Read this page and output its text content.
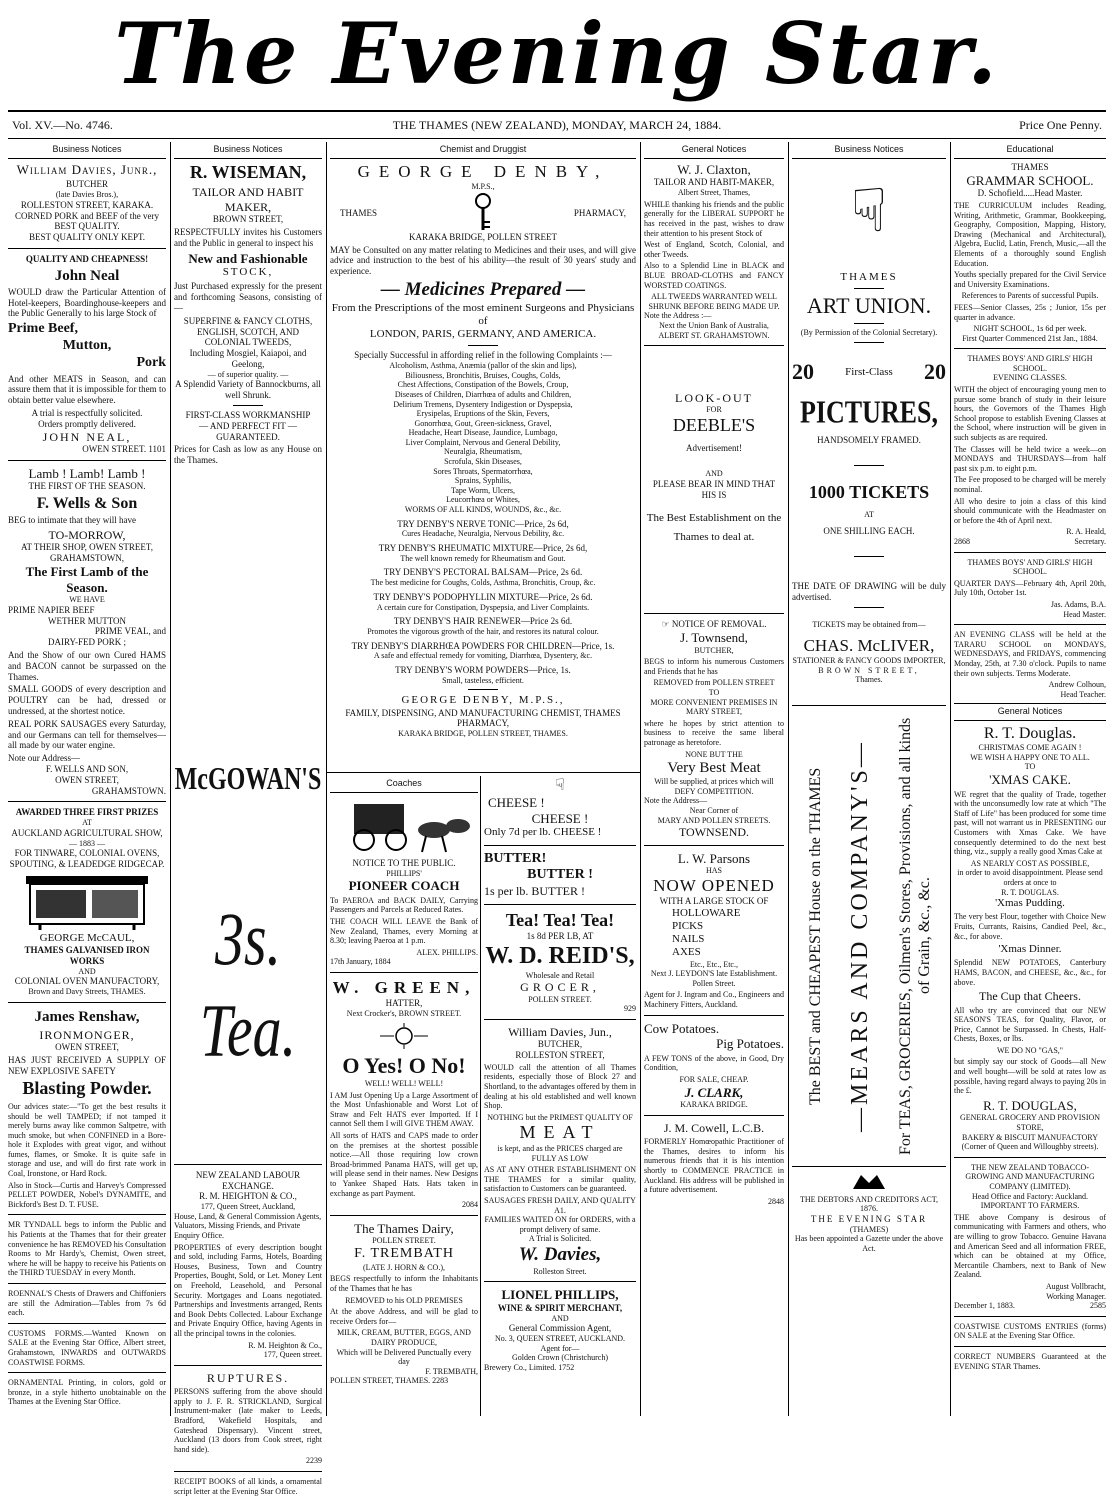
The Evening Star.
Vol. XV.—No. 4746.	THE THAMES (NEW ZEALAND), MONDAY, MARCH 24, 1884.	Price One Penny.
Business Notices
William Davies, Junr.,
BUTCHER
(late Davies Bros.),
ROLLESTON STREET, KARAKA.
CORNED PORK and BEEF of the very BEST QUALITY.
BEST QUALITY ONLY KEPT.
QUALITY AND CHEAPNESS!
John Neal

WOULD draw the Particular Attention of Hotel-keepers, Boardinghouse-keepers and the Public Generally to his large Stock of

Prime Beef,
Mutton,
Pork

And other MEATS in Season, and can assure them that it is impossible for them to obtain better value elsewhere.

A trial is respectfully solicited.
Orders promptly delivered.
JOHN NEAL,
OWEN STREET. 1101
Lamb ! Lamb! Lamb !
THE FIRST OF THE SEASON.
F. Wells & Son

BEG to intimate that they will have

TO-MORROW,
AT THEIR SHOP, OWEN STREET, GRAHAMSTOWN,
The First Lamb of the Season.
WE HAVE
PRIME NAPIER BEEF
WETHER MUTTON
PRIME VEAL, and
DAIRY-FED PORK ;

And the Show of our own Cured HAMS and BACON cannot be surpassed on the Thames.

SMALL GOODS of every description and POULTRY can be had, dressed or undressed, at the shortest notice.

REAL PORK SAUSAGES every Saturday, and our Germans can tell for themselves—all made by our water engine.

Note our Address—
F. WELLS AND SON,
OWEN STREET,
GRAHAMSTOWN.
AWARDED THREE FIRST PRIZES
AT
AUCKLAND AGRICULTURAL SHOW,
— 1883 —
FOR TINWARE, COLONIAL OVENS, SPOUTING, & LEADEDGE RIDGECAP.
GEORGE McCAUL,
THAMES GALVANISED IRON WORKS
AND
COLONIAL OVEN MANUFACTORY,
Brown and Davy Streets, THAMES.
James Renshaw,
IRONMONGER,
OWEN STREET,

HAS JUST RECEIVED A SUPPLY OF NEW EXPLOSIVE SAFETY

Blasting Powder.

Our advices state:—"To get the best results it should be well TAMPED; if not tamped it merely burns away like common Saltpetre, with much smoke, but when CONFINED in a Bore-hole it Explodes with great vigor, and without fumes, flames, or Smoke. It is quite safe in storage and use, and will do first rate work in Coal, Ironstone, or Hard Rock.

Also in Stock—Curtis and Harvey's Compressed PELLET POWDER, Nobel's DYNAMITE, and Bickford's Best D. T. FUSE.

MR TYNDALL begs to inform the Public and his Patients at the Thames that for their greater convenience he has REMOVED his Consultation Rooms to Mr Hardy's, Chemist, Owen street, where he will be happy to receive his Patients on the THIRD TUESDAY in every Month.

ROENNAL'S Chests of Drawers and Chiffoniers are still the Admiration—Tables from 7s 6d each.

CUSTOMS FORMS.—Wanted Known on SALE at the Evening Star Office, Albert street, Grahamstown, INWARDS and OUTWARDS COASTWISE FORMS.

ORNAMENTAL Printing, in colors, gold or bronze, in a style hitherto unobtainable on the Thames at the Evening Star Office.

Business Notices
R. WISEMAN,
TAILOR AND HABIT MAKER,
BROWN STREET,

RESPECTFULLY invites his Customers and the Public in general to inspect his

New and Fashionable
STOCK,

Just Purchased expressly for the present and forthcoming Seasons, consisting of—

SUPERFINE & FANCY CLOTHS,
ENGLISH, SCOTCH, AND
COLONIAL TWEEDS,
Including Mosgiel, Kaiapoi, and Geelong,
— of superior quality. —
A Splendid Variety of Bannockburns, all well Shrunk.
FIRST-CLASS WORKMANSHIP
— AND PERFECT FIT —
GUARANTEED.

Prices for Cash as low as any House on the Thames.

McGOWAN'S
3s. Tea.
NEW ZEALAND LABOUR EXCHANGE.
R. M. HEIGHTON & CO.,
177, Queen Street, Auckland,
House, Land, & General Commission Agents, Valuators, Missing Friends, and Private Enquiry Office.

PROPERTIES of every description bought and sold, including Farms, Hotels, Boarding Houses, Business, Town and Country Properties, Bought, Sold, or Let. Money Lent on Freehold, Leasehold, and Personal Security. Mortgages and Loans negotiated. Partnerships and Investments arranged, Rents and Book Debts Collected. Labour Exchange and Private Enquiry Office, having Agents in all the principal towns in the colonies.

R. M. Heighton & Co.,
177, Queen street.
RUPTURES.

PERSONS suffering from the above should apply to J. F. R. STRICKLAND, Surgical Instrument-maker (late maker to Leeds, Bradford, Wakefield Hospitals, and Gateshead Dispensary). Vincent street, Auckland (13 doors from Cook street, right hand side).

2239

RECEIPT BOOKS of all kinds, a ornamental script letter at the Evening Star Office.

Chemist and Druggist
GEORGE DENBY,
M.P.S.,
THAMES	PHARMACY,
KARAKA BRIDGE, POLLEN STREET

MAY be Consulted on any matter relating to Medicines and their uses, and will give advice and instruction to the best of his ability—the result of 30 years' study and experience.

— Medicines Prepared —
From the Prescriptions of the most eminent Surgeons and Physicians of
LONDON, PARIS, GERMANY, AND AMERICA.
Specially Successful in affording relief in the following Complaints :—
Alcoholism, Asthma, Anæmia (pallor of the skin and lips),
Biliousness, Bronchitis, Bruises, Coughs, Colds,
Chest Affections, Constipation of the Bowels, Croup,
Diseases of Children, Diarrhœa of adults and Children,
Delirium Tremens, Dysentery Indigestion or Dyspepsia,
Erysipelas, Eruptions of the Skin, Fevers,
Gonorrhœa, Gout, Green-sickness, Gravel,
Headache, Heart Disease, Jaundice, Lumbago,
Liver Complaint, Nervous and General Debility,
Neuralgia, Rheumatism,
Scrofula, Skin Diseases,
Sores Throats, Spermatorrhœa,
Sprains, Syphilis,
Tape Worm, Ulcers,
Leucorrhœa or Whites,
WORMS OF ALL KINDS, WOUNDS, &c., &c.
TRY DENBY'S NERVE TONIC—Price, 2s 6d,
Cures Headache, Neuralgia, Nervous Debility, &c.
TRY DENBY'S RHEUMATIC MIXTURE—Price, 2s 6d,
The well known remedy for Rheumatism and Gout.
TRY DENBY'S PECTORAL BALSAM—Price, 2s 6d.
The best medicine for Coughs, Colds, Asthma, Bronchitis, Croup, &c.
TRY DENBY'S PODOPHYLLIN MIXTURE—Price, 2s 6d.
A certain cure for Constipation, Dyspepsia, and Liver Complaints.
TRY DENBY'S HAIR RENEWER—Price 2s 6d.
Promotes the vigorous growth of the hair, and restores its natural colour.
TRY DENBY'S DIARRHŒA POWDERS FOR CHILDREN—Price, 1s.
A safe and effectual remedy for vomiting, Diarrhœa, Dysentery, &c.
TRY DENBY'S WORM POWDERS—Price, 1s.
Small, tasteless, efficient.
GEORGE DENBY, M.P.S.,
FAMILY, DISPENSING, AND MANUFACTURING CHEMIST, THAMES PHARMACY,
KARAKA BRIDGE, POLLEN STREET, THAMES.
Coaches
NOTICE TO THE PUBLIC.
PHILLIPS'
PIONEER COACH

To PAEROA and BACK DAILY, Carrying Passengers and Parcels at Reduced Rates.

THE COACH WILL LEAVE the Bank of New Zealand, Thames, every Morning at 8.30; leaving Paeroa at 1 p.m.

ALEX. PHILLIPS.
17th January, 1884
W. GREEN,
HATTER,
Next Crocker's, BROWN STREET.
O Yes! O No!
WELL! WELL! WELL!

I AM Just Opening Up a Large Assortment of the Most Unfashionable and Worst Lot of Straw and Felt HATS ever Imported. If I cannot Sell them I will GIVE THEM AWAY.

All sorts of HATS and CAPS made to order on the premises at the shortest possible notice.—All those requiring low crown Broad-brimmed Panama HATS, will get up, will please send in their names. New Designs to Yankee Shaped Hats. Hats taken in exchange as part Payment.

2084
The Thames Dairy,
POLLEN STREET.
F. TREMBATH
(LATE J. HORN & CO.),

BEGS respectfully to inform the Inhabitants of the Thames that he has

REMOVED to his OLD PREMISES

At the above Address, and will be glad to receive Orders for—

MILK, CREAM, BUTTER, EGGS, AND DAIRY PRODUCE,
Which will be Delivered Punctually every day
F. TREMBATH,
POLLEN STREET, THAMES. 2283
☟
CHEESE !
CHEESE !
Only 7d per lb. CHEESE !
BUTTER!
BUTTER !
1s per lb. BUTTER !
Tea! Tea! Tea!
1s 8d PER LB, AT
W. D. REID'S,
Wholesale and Retail
GROCER,
POLLEN STREET.
929
William Davies, Jun.,
BUTCHER,
ROLLESTON STREET,

WOULD call the attention of all Thames residents, especially those of Block 27 and Shortland, to the advantages offered by them in dealing at his old established and well known Shop.

NOTHING but the PRIMEST QUALITY OF
MEAT
is kept, and as the PRICES charged are FULLY AS LOW

AS AT ANY OTHER ESTABLISHMENT ON THE THAMES for a similar quality, satisfaction to Customers can be guaranteed.

SAUSAGES FRESH DAILY, AND QUALITY A1.
FAMILIES WAITED ON for ORDERS, with a prompt delivery of same.
A Trial is Solicited.
W. Davies,
Rolleston Street.
LIONEL PHILLIPS,
WINE & SPIRIT MERCHANT,
AND
General Commission Agent,
No. 3, QUEEN STREET, AUCKLAND.
Agent for—
Golden Crown (Christchurch)
Brewery Co., Limited. 1752
General Notices
W. J. Claxton,
TAILOR AND HABIT-MAKER,
Albert Street, Thames,

WHILE thanking his friends and the public generally for the LIBERAL SUPPORT he has received in the past, wishes to draw their attention to his present Stock of

West of England, Scotch, Colonial, and other Tweeds.

Also to a Splendid Line in BLACK and BLUE BROAD-CLOTHS and FANCY WORSTED COATINGS.

ALL TWEEDS WARRANTED WELL SHRUNK BEFORE BEING MADE UP.
Note the Address :—
Next the Union Bank of Australia,
ALBERT ST. GRAHAMSTOWN.
LOOK-OUT
FOR
DEEBLE'S
Advertisement!
AND
PLEASE BEAR IN MIND THAT
HIS IS
The Best Establishment on the Thames to deal at.
☞ NOTICE OF REMOVAL.
J. Townsend,
BUTCHER,

BEGS to inform his numerous Customers and Friends that he has

REMOVED from POLLEN STREET
TO
MORE CONVENIENT PREMISES IN MARY STREET,

where he hopes by strict attention to business to receive the same liberal patronage as heretofore.

NONE BUT THE
Very Best Meat
Will be supplied, at prices which will DEFY COMPETITION.
Note the Address—
Near Corner of
MARY AND POLLEN STREETS.
TOWNSEND.
L. W. Parsons
HAS
NOW OPENED
WITH A LARGE STOCK OF
HOLLOWARE
PICKS
NAILS
AXES
Etc., Etc., Etc.,
Next J. LEYDON'S late Establishment.
Pollen Street.

Agent for J. Ingram and Co., Engineers and Machinery Fitters, Auckland.

Cow Potatoes.
Pig Potatoes.

A FEW TONS of the above, in Good, Dry Condition,

FOR SALE, CHEAP.
J. CLARK,
KARAKA BRIDGE.
J. M. Cowell, L.C.B.

FORMERLY Homœopathic Practitioner of the Thames, desires to inform his numerous friends that it is his intention shortly to COMMENCE PRACTICE in Auckland. His address will be published in a future advertisement.

2848
Business Notices
☟
THAMES
ART UNION.
(By Permission of the Colonial Secretary).
20	First-Class 20
PICTURES,
HANDSOMELY FRAMED.
1000 TICKETS
AT
ONE SHILLING EACH.

THE DATE OF DRAWING will be duly advertised.

TICKETS may be obtained from—
CHAS. McLIVER,
STATIONER & FANCY GOODS IMPORTER,
BROWN STREET,
Thames.
The BEST and CHEAPEST House on the THAMES —MEARS AND COMPANY'S— For TEAS, GROCERIES, Oilmen's Stores, Provisions, and all kinds of Grain, &c., &c.
THE DEBTORS AND CREDITORS ACT, 1876.
THE EVENING STAR
(THAMES)
Has been appointed a Gazette under the above Act.
Educational
THAMES
GRAMMAR SCHOOL.
D. Schofield.....Head Master.

THE CURRICULUM includes Reading, Writing, Arithmetic, Grammar, Bookkeeping, Geography, Composition, Mapping, History, Drawing (Mechanical and Architectural), Algebra, Euclid, Latin, French, Music,—all the Elements of a thoroughly sound English Education.

Youths specially prepared for the Civil Service and University Examinations.

References to Parents of successful Pupils.

FEES—Senior Classes, 25s ; Junior, 15s per quarter in advance.

NIGHT SCHOOL, 1s 6d per week.
First Quarter Commenced 21st Jan., 1884.
THAMES BOYS' AND GIRLS' HIGH SCHOOL.
EVENING CLASSES.

WITH the object of encouraging young men to pursue some branch of study in their leisure hours, the Governors of the Thames High School propose to establish Evening Classes at the School, where instruction will be given in such subjects as are required.

The Classes will be held twice a week—on MONDAYS and THURSDAYS—from half past six p.m. to eight p.m.

The Fee proposed to be charged will be merely nominal.

All who desire to join a class of this kind should communicate with the Headmaster on or before the 4th of April next.

R. A. Heald,
2868	Secretary.
THAMES BOYS' AND GIRLS' HIGH SCHOOL.

QUARTER DAYS—February 4th, April 20th, July 10th, October 1st.

Jas. Adams, B.A.
Head Master.

AN EVENING CLASS will be held at the TARARU SCHOOL on MONDAYS, WEDNESDAYS, and FRIDAYS, commencing Monday, 25th, at 7.30 o'clock. Pupils to name their own subjects. Terms Moderate.

Andrew Colhoun,
Head Teacher.
General Notices
R. T. Douglas.
CHRISTMAS COME AGAIN !
WE WISH A HAPPY ONE TO ALL.
TO
'XMAS CAKE.

WE regret that the quality of Trade, together with the unconsumedly low rate at which "The Staff of Life" has been produced for some time past, will not warrant us in PRESENTING our Customers with Xmas Cake. We have consequently determined to do the next best thing, viz., supply a really good Xmas Cake at

AS NEARLY COST AS POSSIBLE,
in order to avoid disappointment. Please send orders at once to
R. T. DOUGLAS.
'Xmas Pudding.

The very best Flour, together with Choice New Fruits, Currants, Raisins, Candied Peel, &c., &c., for above.

'Xmas Dinner.

Splendid NEW POTATOES, Canterbury HAMS, BACON, and CHEESE, &c., &c., for above.

The Cup that Cheers.

All who try are convinced that our NEW SEASON'S TEAS, for Quality, Flavor, or Price, Cannot be Surpassed. In Chests, Half-Chests, Boxes, or lbs.

WE DO NO "GAS,"

but simply say our stock of Goods—all New and well bought—will be sold at rates low as possible, having regard always to paying 20s in the £.

R. T. DOUGLAS,
GENERAL GROCERY AND PROVISION STORE,
BAKERY & BISCUIT MANUFACTORY
(Corner of Queen and Willoughby streets).
THE NEW ZEALAND TOBACCO-GROWING AND MANUFACTURING COMPANY (LIMITED).
Head Office and Factory: Auckland.
IMPORTANT TO FARMERS.

THE above Company is desirous of communicating with Farmers and others, who are willing to grow Tobacco. Genuine Havana and American Seed and all information FREE, which can be obtained at my Office, Mercantile Chambers, next to Bank of New Zealand.

August Vollbracht,
Working Manager.
December 1, 1883.	2585

COASTWISE CUSTOMS ENTRIES (forms) ON SALE at the Evening Star Office.

CORRECT NUMBERS Guaranteed at the EVENING STAR Thames.
